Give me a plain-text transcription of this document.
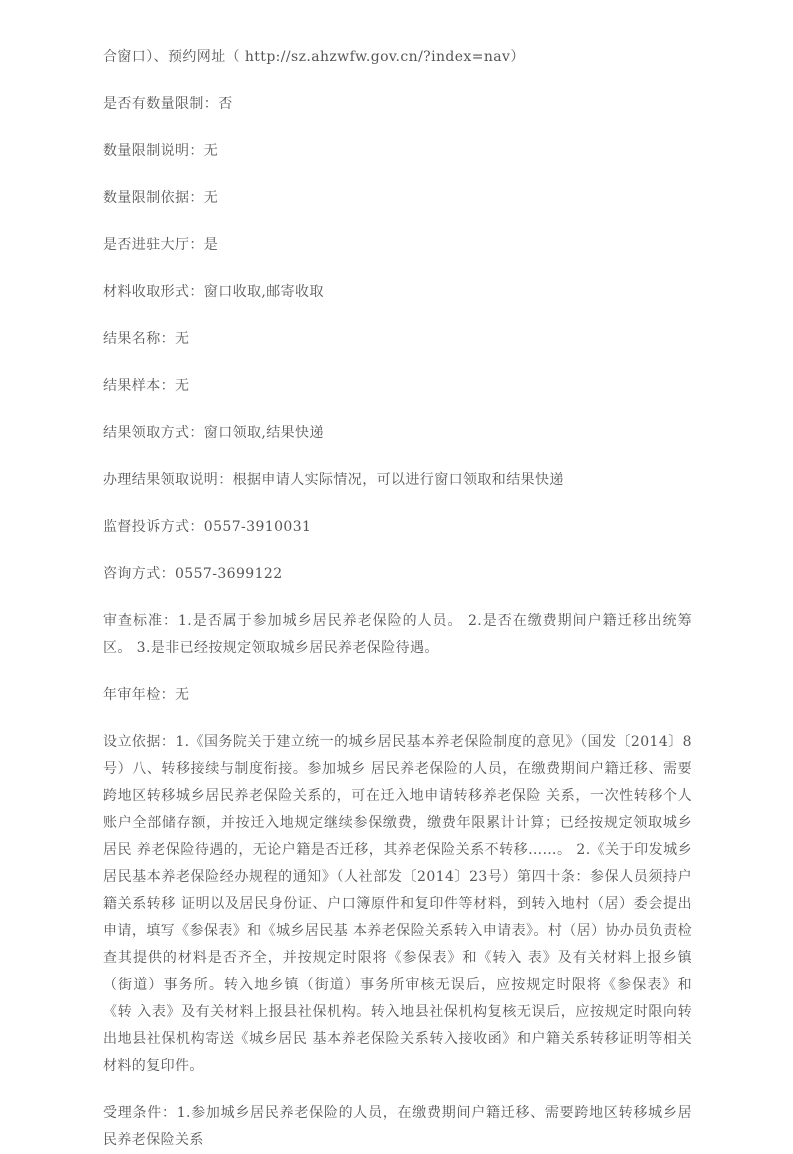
合窗口）、预约网址（ http://sz.ahzwfw.gov.cn/?index=nav）

是否有数量限制：否

数量限制说明：无

数量限制依据：无

是否进驻大厅：是

材料收取形式：窗口收取,邮寄收取

结果名称：无

结果样本：无

结果领取方式：窗口领取,结果快递

办理结果领取说明：根据申请人实际情况，可以进行窗口领取和结果快递

监督投诉方式：0557-3910031

咨询方式：0557-3699122

审查标准：1.是否属于参加城乡居民养老保险的人员。 2.是否在缴费期间户籍迁移出统筹区。 3.是非已经按规定领取城乡居民养老保险待遇。

年审年检：无

设立依据：1.《国务院关于建立统一的城乡居民基本养老保险制度的意见》（国发〔2014〕8号）八、转移接续与制度衔接。参加城乡 居民养老保险的人员，在缴费期间户籍迁移、需要跨地区转移城乡居民养老保险关系的，可在迁入地申请转移养老保险 关系，一次性转移个人账户全部储存额，并按迁入地规定继续参保缴费，缴费年限累计计算；已经按规定领取城乡居民 养老保险待遇的，无论户籍是否迁移，其养老保险关系不转移……。 2.《关于印发城乡居民基本养老保险经办规程的通知》（人社部发〔2014〕23号）第四十条：参保人员须持户籍关系转移 证明以及居民身份证、户口簿原件和复印件等材料，到转入地村（居）委会提出申请，填写《参保表》和《城乡居民基 本养老保险关系转入申请表》。村（居）协办员负责检查其提供的材料是否齐全，并按规定时限将《参保表》和《转入 表》及有关材料上报乡镇（街道）事务所。转入地乡镇（街道）事务所审核无误后，应按规定时限将《参保表》和《转 入表》及有关材料上报县社保机构。转入地县社保机构复核无误后，应按规定时限向转出地县社保机构寄送《城乡居民 基本养老保险关系转入接收函》和户籍关系转移证明等相关材料的复印件。

受理条件：1.参加城乡居民养老保险的人员，在缴费期间户籍迁移、需要跨地区转移城乡居民养老保险关系
